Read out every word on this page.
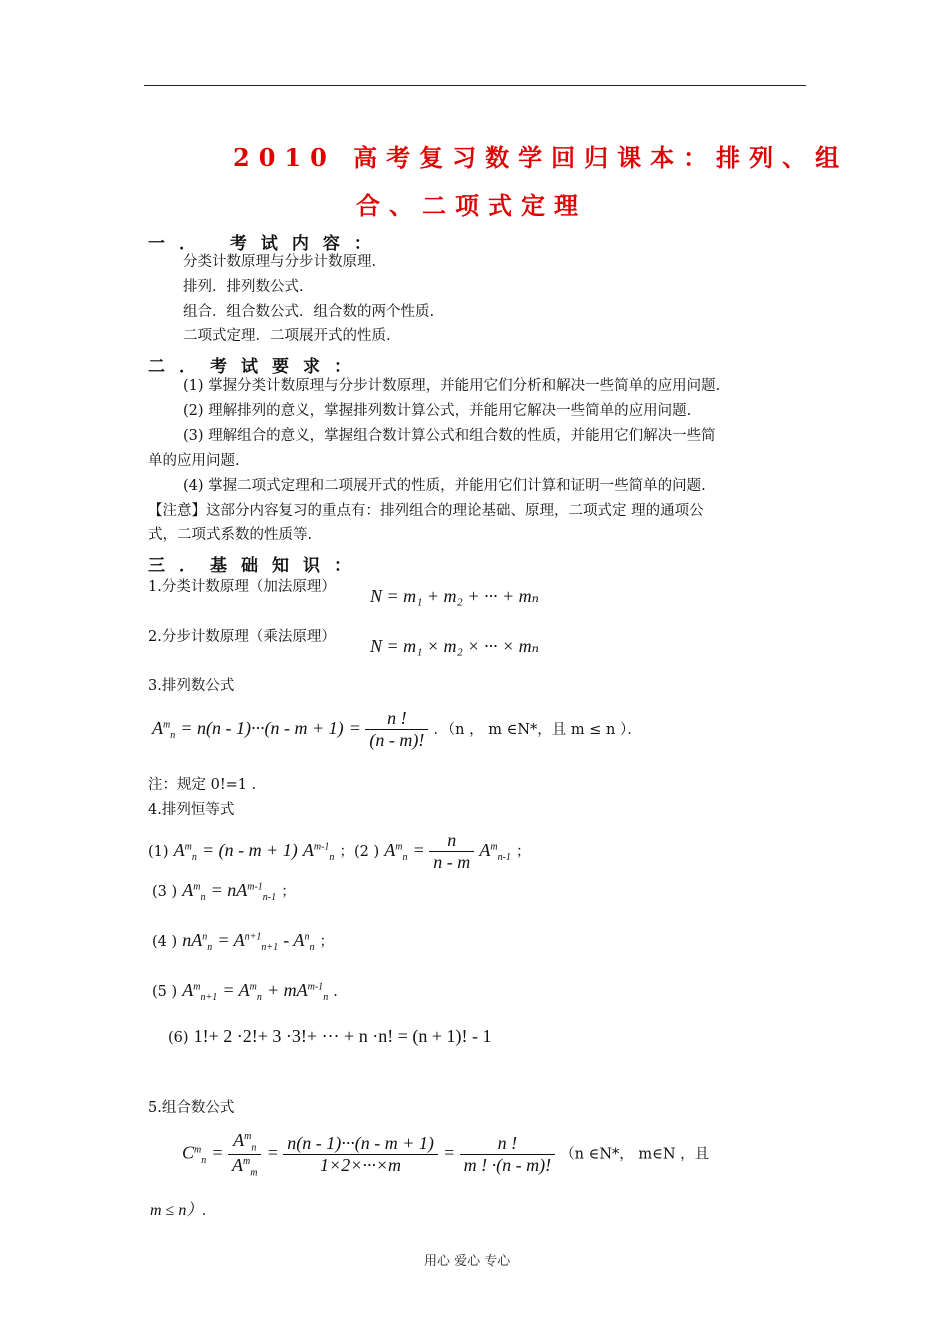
2010 高考复习数学回归课本：排列、组
合、二项式定理
一． 考试内容：
分类计数原理与分步计数原理.
排列．排列数公式.
组合．组合数公式．组合数的两个性质.
二项式定理．二项展开式的性质.
二．考试要求：
(1) 掌握分类计数原理与分步计数原理，并能用它们分析和解决一些简单的应用问题.
(2) 理解排列的意义，掌握排列数计算公式，并能用它解决一些简单的应用问题.
(3) 理解组合的意义，掌握组合数计算公式和组合数的性质，并能用它们解决一些简
单的应用问题.
(4) 掌握二项式定理和二项展开式的性质，并能用它们计算和证明一些简单的问题.
【注意】这部分内容复习的重点有：排列组合的理论基础、原理，二项式定 理的通项公
式，二项式系数的性质等.
三．基础知识：
1.分类计数原理（加法原理） N = m₁ + m₂ + ··· + mₙ
2.分步计数原理（乘法原理） N = m₁ × m₂ × ··· × mₙ
3.排列数公式
$A^m_n = n(n - 1)\cdot\cdot\cdot(n - m + 1) = \frac{n !}{(n - m)!}$ ．（n ， m ∈N*，且 m ≤ n ）．
注：规定 0!=1 .
4.排列恒等式
(1) $A^m_n = (n - m + 1)$ $A^{m-1}_n$ ；(2 ) $A^m_n = \frac{n}{n - m} A^m_{n-1}$ ；
(3 ) $A^m_n = nA^{m-1}_{n-1}$ ；
(4 ) $nA^n_n = A^{n+1}_{n+1} - A^n_n$ ；
(5 ) $A^m_{n+1} = A^m_n + mA^{m-1}_n$ .
(6) 1!+ 2 ·2!+ 3 ·3!+ ··· + n ·n! = (n + 1)! - 1
5.组合数公式
$C^m_n = \frac{A^m_n}{A^m_m} = \frac{n(n - 1)\cdot\cdot\cdot(n - m + 1)}{1\times 2\times\cdot\cdot\cdot\times m} = \frac{n !}{m ! \cdot(n - m)!} (n$ ∈N*， m∈N ，且
m ≤ n）.
用心 爱心 专心
